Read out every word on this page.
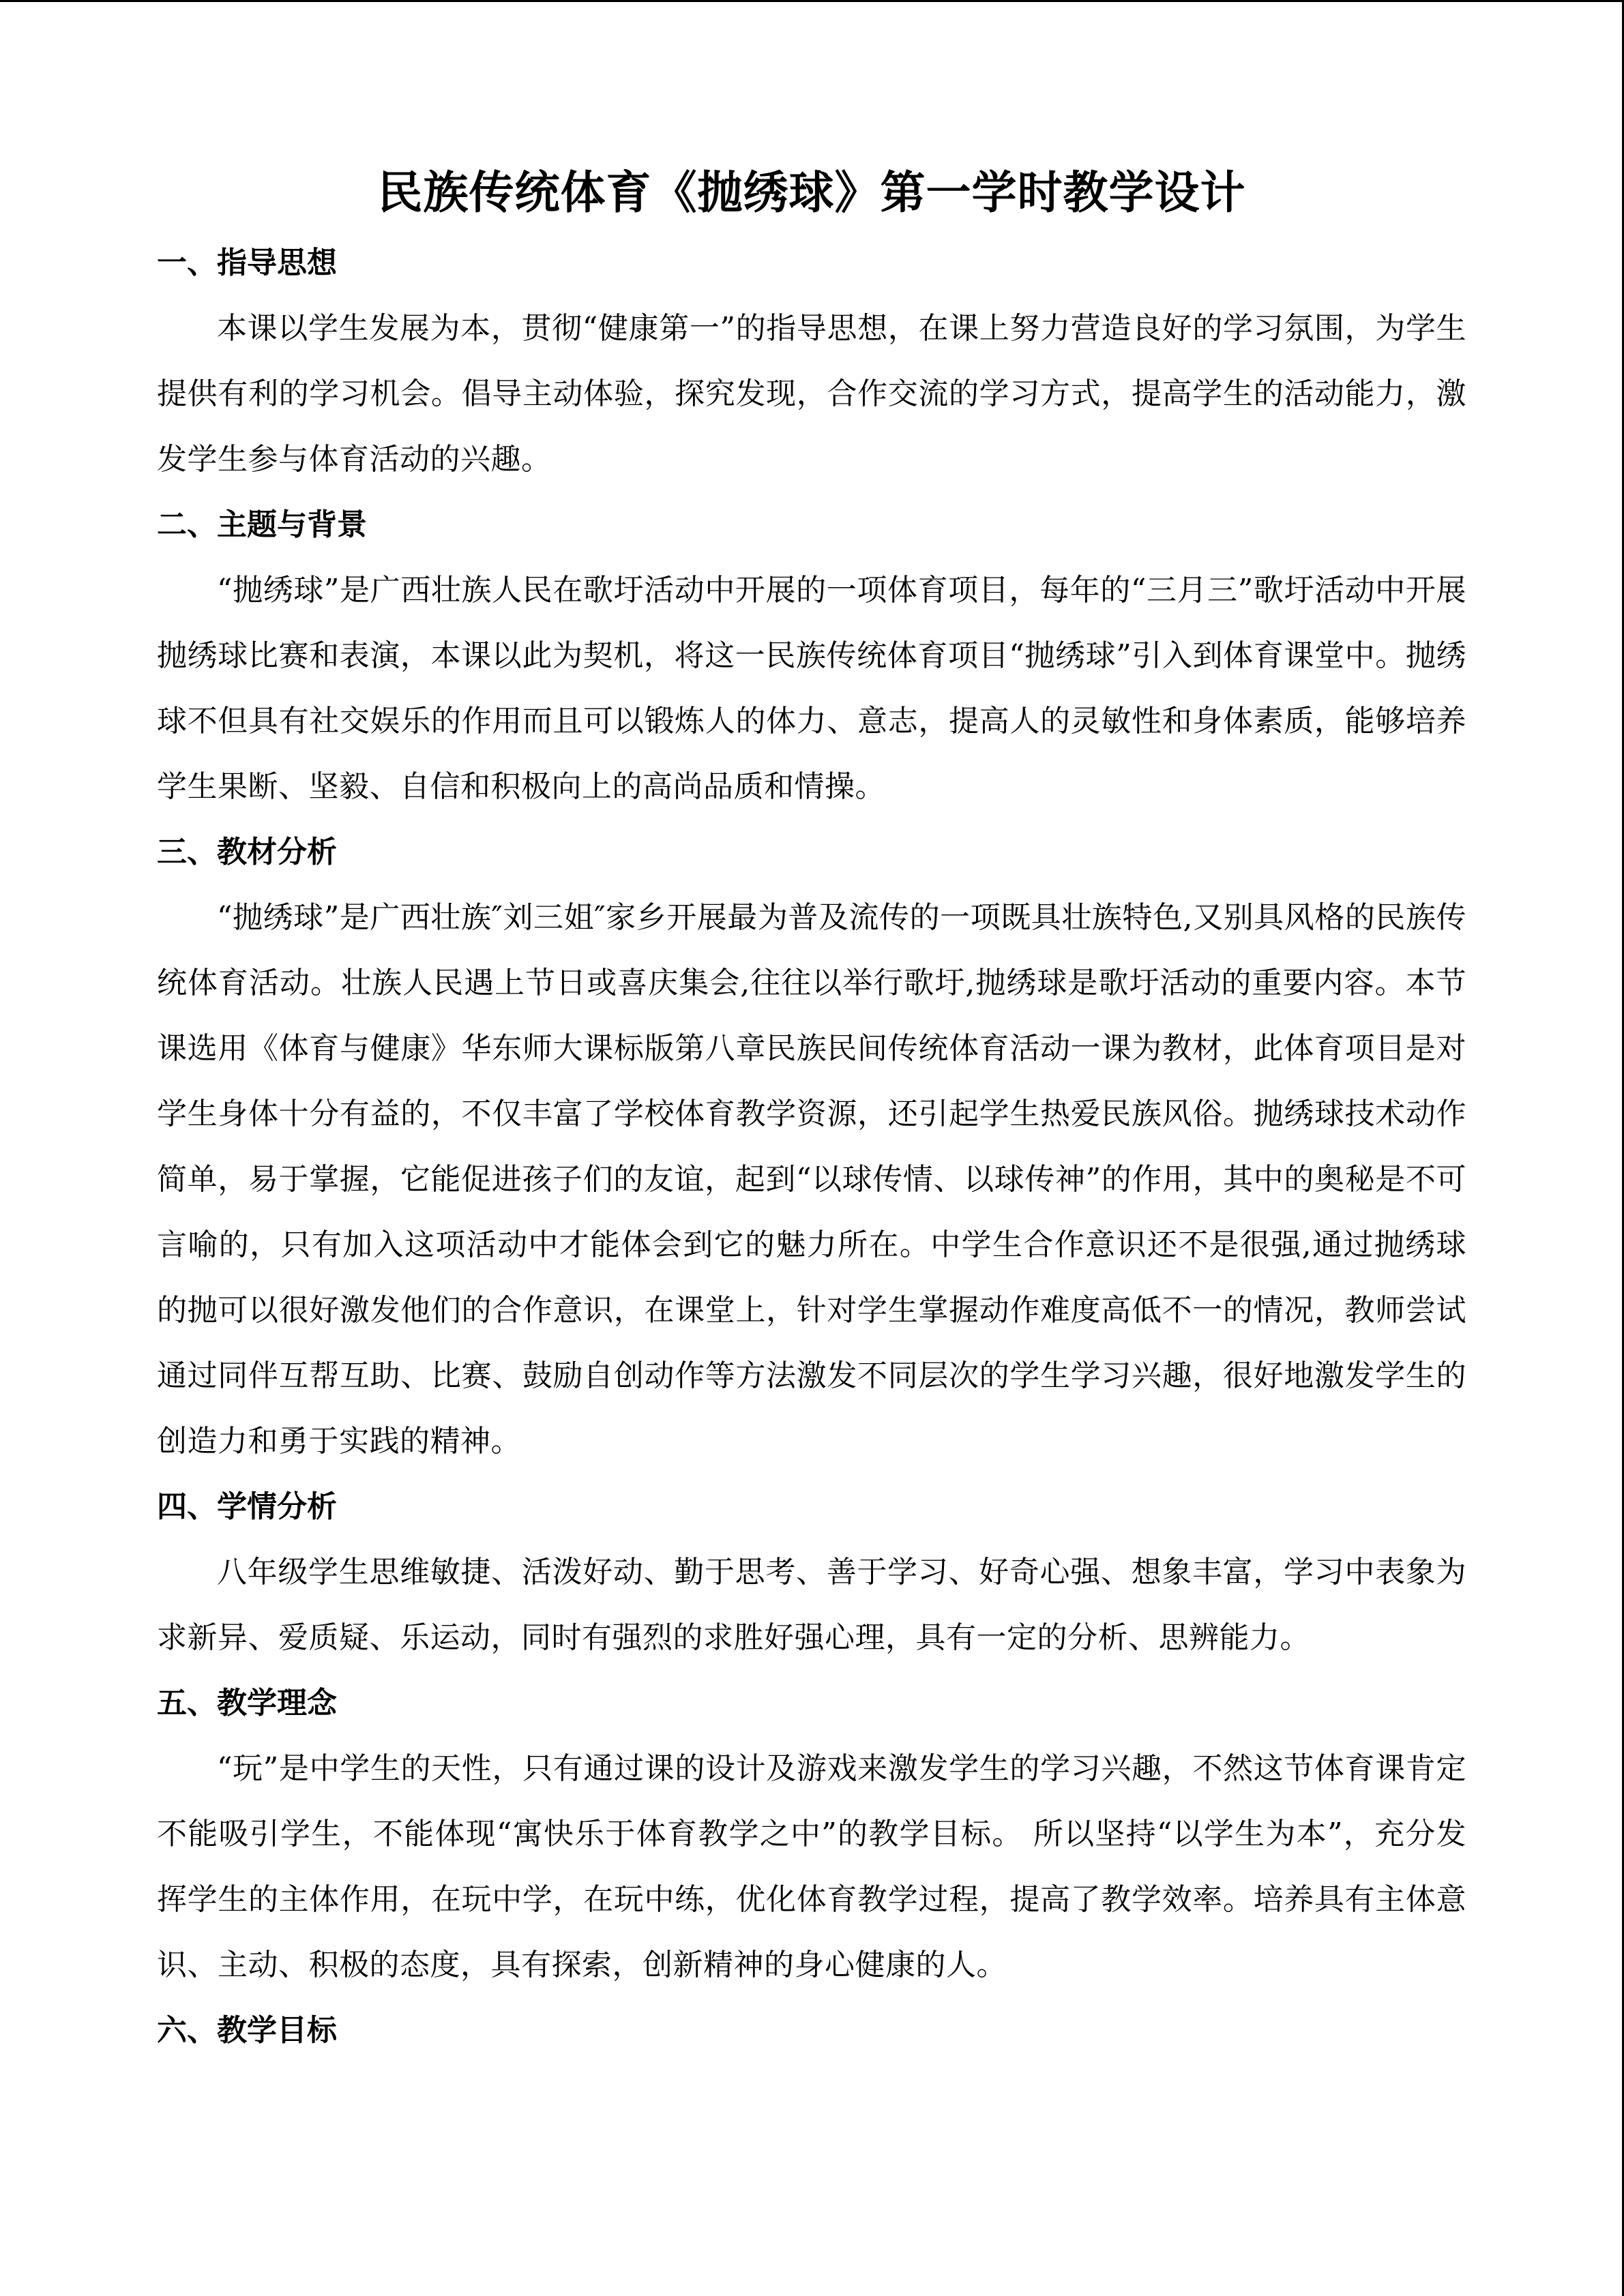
民族传统体育《抛绣球》第一学时教学设计
一、指导思想

本课以学生发展为本，贯彻“健康第一”的指导思想，在课上努力营造良好的学习氛围，为学生提供有利的学习机会。倡导主动体验，探究发现，合作交流的学习方式，提高学生的活动能力，激发学生参与体育活动的兴趣。

二、主题与背景

“抛绣球”是广西壮族人民在歌圩活动中开展的一项体育项目，每年的“三月三”歌圩活动中开展抛绣球比赛和表演，本课以此为契机，将这一民族传统体育项目“抛绣球”引入到体育课堂中。抛绣球不但具有社交娱乐的作用而且可以锻炼人的体力、意志，提高人的灵敏性和身体素质，能够培养学生果断、坚毅、自信和积极向上的高尚品质和情操。

三、教材分析

“抛绣球”是广西壮族″刘三姐″家乡开展最为普及流传的一项既具壮族特色,又别具风格的民族传统体育活动。壮族人民遇上节日或喜庆集会,往往以举行歌圩,抛绣球是歌圩活动的重要内容。本节课选用《体育与健康》华东师大课标版第八章民族民间传统体育活动一课为教材，此体育项目是对学生身体十分有益的，不仅丰富了学校体育教学资源，还引起学生热爱民族风俗。抛绣球技术动作简单，易于掌握，它能促进孩子们的友谊，起到“以球传情、以球传神”的作用，其中的奥秘是不可言喻的，只有加入这项活动中才能体会到它的魅力所在。中学生合作意识还不是很强,通过抛绣球的抛可以很好激发他们的合作意识，在课堂上，针对学生掌握动作难度高低不一的情况，教师尝试通过同伴互帮互助、比赛、鼓励自创动作等方法激发不同层次的学生学习兴趣，很好地激发学生的创造力和勇于实践的精神。

四、学情分析

八年级学生思维敏捷、活泼好动、勤于思考、善于学习、好奇心强、想象丰富，学习中表象为求新异、爱质疑、乐运动，同时有强烈的求胜好强心理，具有一定的分析、思辨能力。

五、教学理念

“玩”是中学生的天性，只有通过课的设计及游戏来激发学生的学习兴趣，不然这节体育课肯定不能吸引学生，不能体现“寓快乐于体育教学之中”的教学目标。 所以坚持“以学生为本”，充分发挥学生的主体作用，在玩中学，在玩中练，优化体育教学过程，提高了教学效率。培养具有主体意识、主动、积极的态度，具有探索，创新精神的身心健康的人。

六、教学目标
